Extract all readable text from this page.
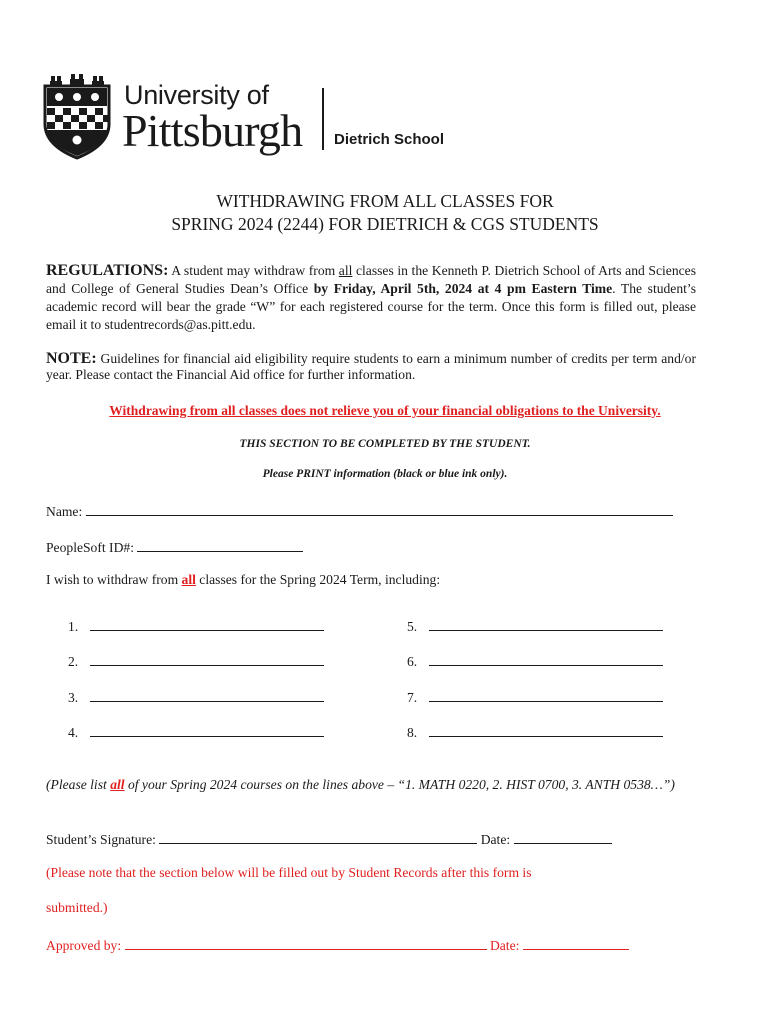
University of
Pittsburgh Dietrich School
WITHDRAWING FROM ALL CLASSES FOR
SPRING 2024 (2244) FOR DIETRICH & CGS STUDENTS
REGULATIONS: A student may withdraw from all classes in the Kenneth P. Dietrich School of Arts and Sciences and College of General Studies Dean’s Office by Friday, April 5th, 2024 at 4 pm Eastern Time. The student’s academic record will bear the grade “W” for each registered course for the term. Once this form is filled out, please email it to studentrecords@as.pitt.edu.
NOTE: Guidelines for financial aid eligibility require students to earn a minimum number of credits per term and/or year. Please contact the Financial Aid office for further information.
Withdrawing from all classes does not relieve you of your financial obligations to the University.
THIS SECTION TO BE COMPLETED BY THE STUDENT.
Please PRINT information (black or blue ink only).
Name:
PeopleSoft ID#:
I wish to withdraw from all classes for the Spring 2024 Term, including:
1.
2.
3.
4.
5.
6.
7.
8.
(Please list all of your Spring 2024 courses on the lines above – “1. MATH 0220, 2. HIST 0700, 3. ANTH 0538…”)
Student’s Signature:	Date:
(Please note that the section below will be filled out by Student Records after this form is
submitted.)
Approved by:	Date:
